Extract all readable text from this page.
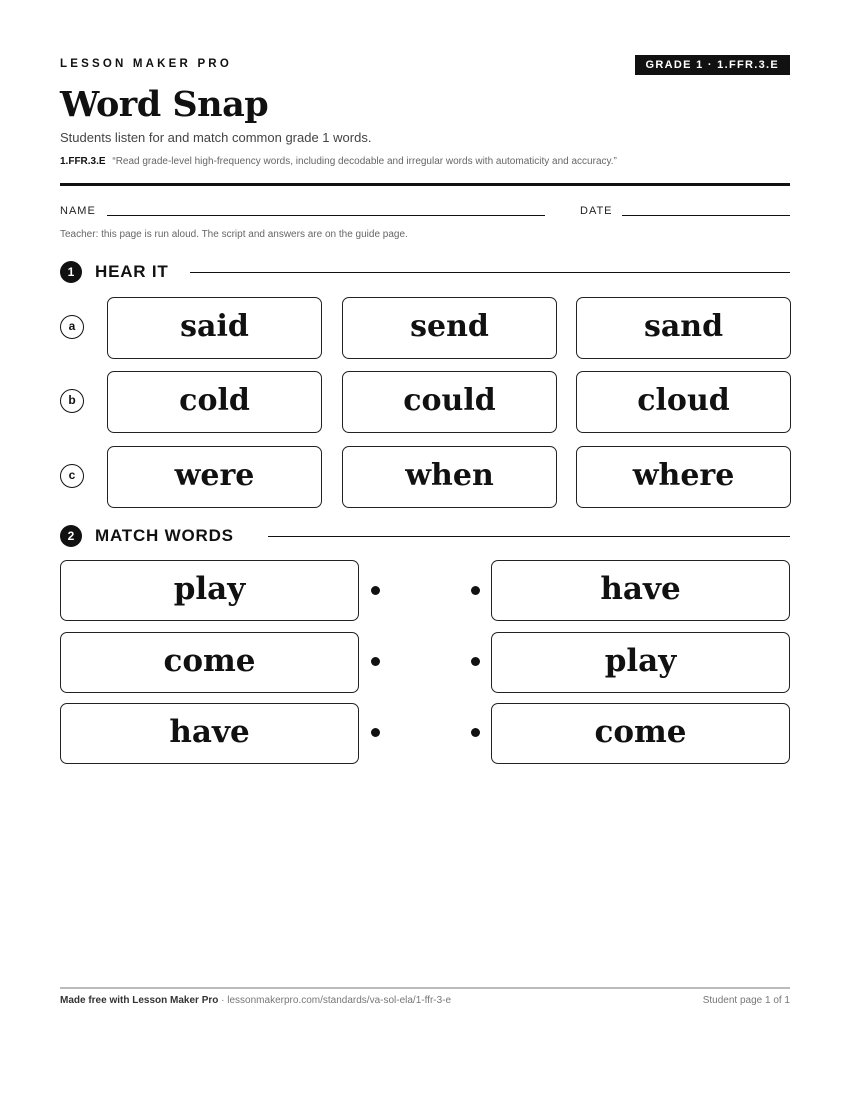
LESSON MAKER PRO	GRADE 1 · 1.FFR.3.E
Word Snap
Students listen for and match common grade 1 words.
1.FFR.3.E “Read grade-level high-frequency words, including decodable and irregular words with automaticity and accuracy.”
NAME	DATE
Teacher: this page is run aloud. The script and answers are on the guide page.
1	HEAR IT
a	said	send	sand
b	cold	could	cloud
c	were	when	where
2	MATCH WORDS
play	have
come	play
have	come
Made free with Lesson Maker Pro · lessonmakerpro.com/standards/va-sol-ela/1-ffr-3-e	Student page 1 of 1
